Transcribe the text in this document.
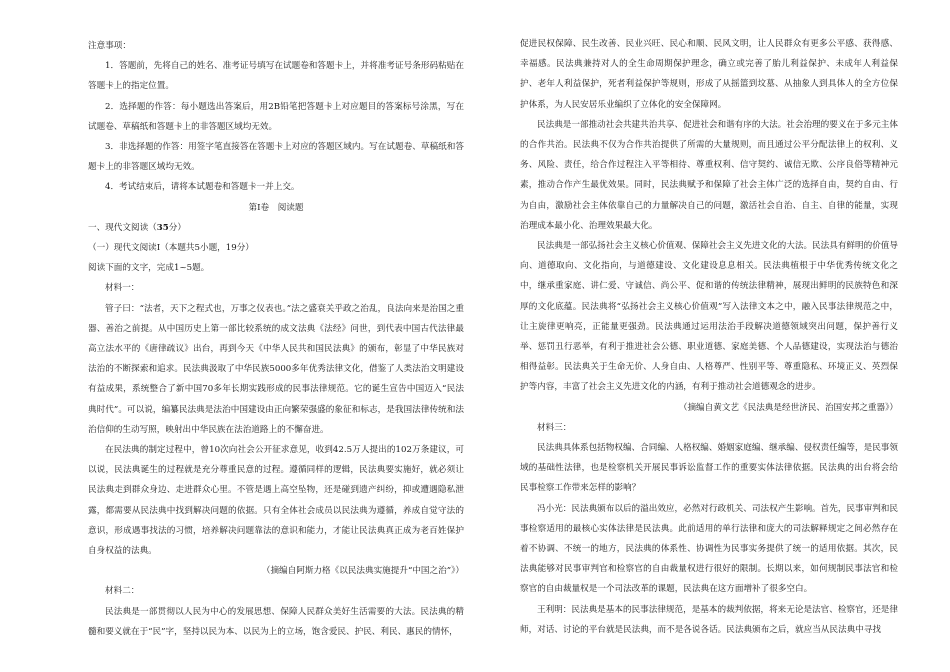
注意事项：

1．答题前，先将自己的姓名、准考证号填写在试题卷和答题卡上，并将准考证号条形码粘贴在答题卡上的指定位置。

2．选择题的作答：每小题选出答案后，用2B铅笔把答题卡上对应题目的答案标号涂黑，写在试题卷、草稿纸和答题卡上的非答题区域均无效。

3．非选择题的作答：用签字笔直接答在答题卡上对应的答题区域内。写在试题卷、草稿纸和答题卡上的非答题区域均无效。

4．考试结束后，请将本试题卷和答题卡一并上交。

第Ⅰ卷　阅读题

一、现代文阅读（35分）

（一）现代文阅读Ⅰ（本题共5小题，19分）

阅读下面的文字，完成1~5题。

材料一：

管子曰：“法者，天下之程式也，万事之仪表也。”法之盛衰关乎政之治乱，良法向来是治国之重器、善治之前提。从中国历史上第一部比较系统的成文法典《法经》问世，到代表中国古代法律最高立法水平的《唐律疏议》出台，再到今天《中华人民共和国民法典》的颁布，彰显了中华民族对法治的不断探索和追求。民法典汲取了中华民族5000多年优秀法律文化，借鉴了人类法治文明建设有益成果，系统整合了新中国70多年长期实践形成的民事法律规范。它的诞生宣告中国迈入“民法典时代”。可以说，编纂民法典是法治中国建设由正向繁荣强盛的象征和标志，是我国法律传统和法治信仰的生动写照，映射出中华民族在法治道路上的不懈奋进。

在民法典的制定过程中，曾10次向社会公开征求意见，收到42.5万人提出的102万条建议，可以说，民法典诞生的过程就是充分尊重民意的过程。遵循同样的逻辑，民法典要实施好，就必须让民法典走到群众身边、走进群众心里。不管是遇上高空坠物，还是碰到遗产纠纷，抑或遭遇隐私泄露，都需要从民法典中找到解决问题的依据。只有全体社会成员以民法典为遵循，养成自觉守法的意识，形成遇事找法的习惯，培养解决问题靠法的意识和能力，才能让民法典真正成为老百姓保护自身权益的法典。

（摘编自阿斯力格《以民法典实施提升“中国之治”》）

材料二：

民法典是一部贯彻以人民为中心的发展思想、保障人民群众美好生活需要的大法。民法典的精髓和要义就在于“民”字，坚持以民为本、以民为上的立场，饱含爱民、护民、利民、惠民的情怀，

促进民权保障、民生改善、民业兴旺、民心和顺、民风文明，让人民群众有更多公平感、获得感、幸福感。民法典兼持对人的全生命周期保护理念，确立或完善了胎儿利益保护、未成年人利益保护、老年人利益保护，死者利益保护等规则，形成了从摇篮到坟墓、从抽象人到具体人的全方位保护体系，为人民安居乐业编织了立体化的安全保障网。

民法典是一部推动社会共建共治共享、促进社会和谐有序的大法。社会治理的要义在于多元主体的合作共治。民法典不仅为合作共治提供了所需的大量规则，而且通过公平分配法律上的权利、义务、风险、责任，给合作过程注入平等相待、尊重权利、信守契约、诚信无欺、公序良俗等精神元素，推动合作产生最优效果。同时，民法典赋予和保障了社会主体广泛的选择自由，契约自由、行为自由，激励社会主体依靠自己的力量解决自己的问题，激活社会自治、自主、自律的能量，实现治理成本最小化、治理效果最大化。

民法典是一部弘扬社会主义核心价值观、保障社会主义先进文化的大法。民法具有鲜明的价值导向、道德取向、文化指向，与道德建设、文化建设息息相关。民法典植根于中华优秀传统文化之中，继承重家庭、讲仁爱、守诚信、尚公平、促和谐的传统法律精神，展现出鲜明的民族特色和深厚的文化底蕴。民法典将“弘扬社会主义核心价值观”写入法律文本之中，融入民事法律规范之中，让主旋律更响亮，正能量更强劲。民法典通过运用法治手段解决道德领域突出问题，保护善行义举、惩罚丑行恶举，有利于推进社会公德、职业道德、家庭美德、个人品德建设，实现法治与德治相得益彰。民法典关于生命无价、人身自由、人格尊严、性别平等、尊重隐私、环境正义、英烈保护等内容，丰富了社会主义先进文化的内涵，有利于推动社会道德观念的进步。

（摘编自黄文艺《民法典是经世济民、治国安邦之重器》）

材料三：

民法典具体系包括物权编、合同编、人格权编、婚姻家庭编、继承编、侵权责任编等，是民事领域的基础性法律，也是检察机关开展民事诉讼监督工作的重要实体法律依据。民法典的出台将会给民事检察工作带来怎样的影响？

冯小光：民法典颁布以后的溢出效应，必然对行政机关、司法权产生影响。首先，民事审判和民事检察适用的最核心实体法律是民法典。此前适用的单行法律和庞大的司法解释规定之间必然存在着不协调、不统一的地方，民法典的体系性、协调性为民事实务提供了统一的适用依据。其次，民法典能够对民事审判官和检察官的自由裁量权进行很好的限制。长期以来，如何规制民事法官和检察官的自由裁量权是一个司法改革的课题，民法典在这方面增补了很多空白。

王利明：民法典是基本的民事法律规范，是基本的裁判依据，将来无论是法官、检察官，还是律师，对话、讨论的平台就是民法典，而不是各说各话。民法典颁布之后，就应当从民法典中寻找
